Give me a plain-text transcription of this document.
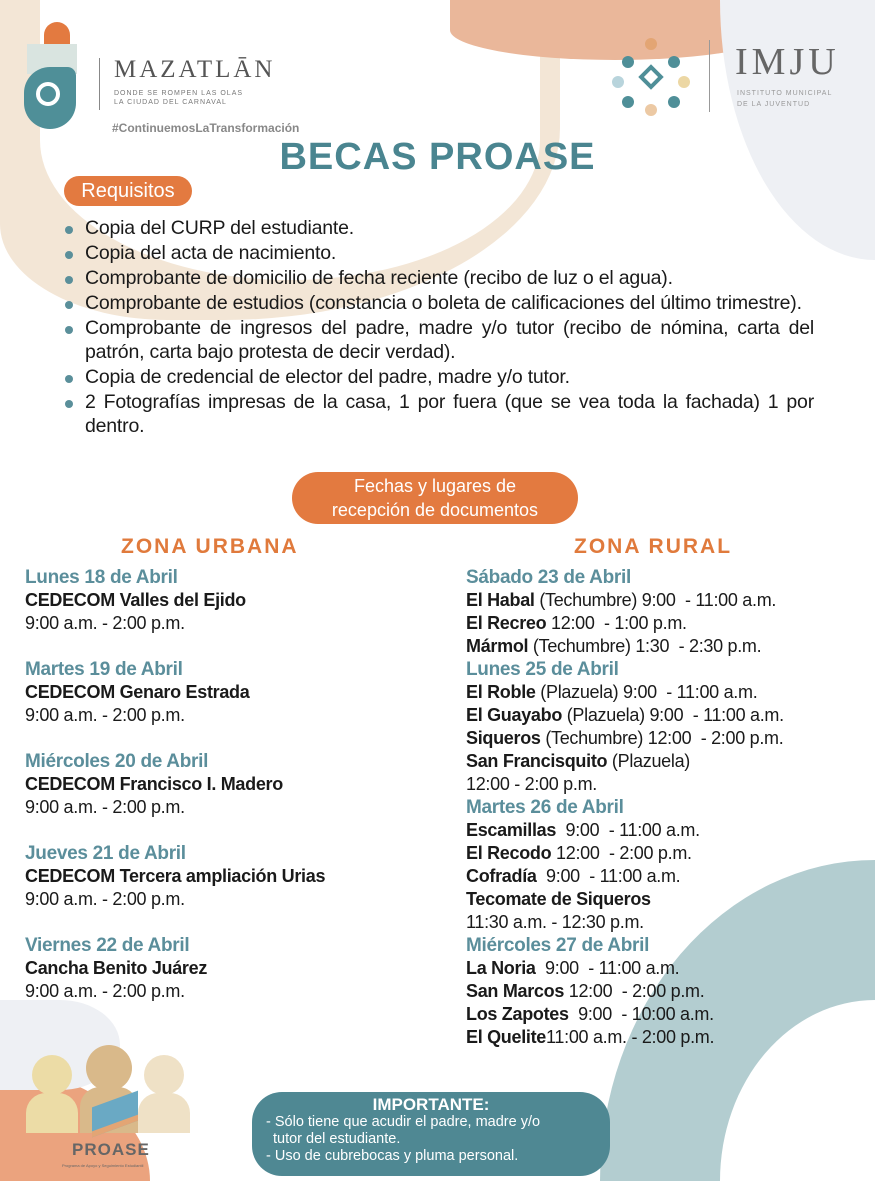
MAZATLĀN
DONDE SE ROMPEN LAS OLAS
LA CIUDAD DEL CARNAVAL
#ContinuemosLaTransformación
IMJU
INSTITUTO MUNICIPAL
DE LA JUVENTUD
BECAS PROASE
Requisitos
Copia del CURP del estudiante.
Copia del acta de nacimiento.
Comprobante de domicilio de fecha reciente (recibo de luz o el agua).
Comprobante de estudios (constancia o boleta de calificaciones del último trimestre).
Comprobante de ingresos del padre, madre y/o tutor (recibo de nómina, carta del patrón, carta bajo protesta de decir verdad).
Copia de credencial de elector del padre, madre y/o tutor.
2 Fotografías impresas de la casa, 1 por fuera (que se vea toda la fachada) 1 por dentro.
Fechas y lugares de
recepción de documentos
ZONA URBANA	ZONA RURAL
Lunes 18 de Abril
CEDECOM Valles del Ejido
9:00 a.m. - 2:00 p.m.
Martes 19 de Abril
CEDECOM Genaro Estrada
9:00 a.m. - 2:00 p.m.
Miércoles 20 de Abril
CEDECOM Francisco I. Madero
9:00 a.m. - 2:00 p.m.
Jueves 21 de Abril
CEDECOM Tercera ampliación Urias
9:00 a.m. - 2:00 p.m.
Viernes 22 de Abril
Cancha Benito Juárez
9:00 a.m. - 2:00 p.m.
Sábado 23 de Abril
El Habal (Techumbre) 9:00  - 11:00 a.m.
El Recreo 12:00  - 1:00 p.m.
Mármol (Techumbre) 1:30  - 2:30 p.m.
Lunes 25 de Abril
El Roble (Plazuela) 9:00  - 11:00 a.m.
El Guayabo (Plazuela) 9:00  - 11:00 a.m.
Siqueros (Techumbre) 12:00  - 2:00 p.m.
San Francisquito (Plazuela)
12:00 - 2:00 p.m.
Martes 26 de Abril
Escamillas  9:00  - 11:00 a.m.
El Recodo 12:00  - 2:00 p.m.
Cofradía  9:00  - 11:00 a.m.
Tecomate de Siqueros
11:30 a.m. - 12:30 p.m.
Miércoles 27 de Abril
La Noria  9:00  - 11:00 a.m.
San Marcos 12:00  - 2:00 p.m.
Los Zapotes  9:00  - 10:00 a.m.
El Quelite11:00 a.m. - 2:00 p.m.
PROASE
Programa de Apoyo y Seguimiento Estudiantil
IMPORTANTE:
- Sólo tiene que acudir el padre, madre y/o
tutor del estudiante.
- Uso de cubrebocas y pluma personal.
